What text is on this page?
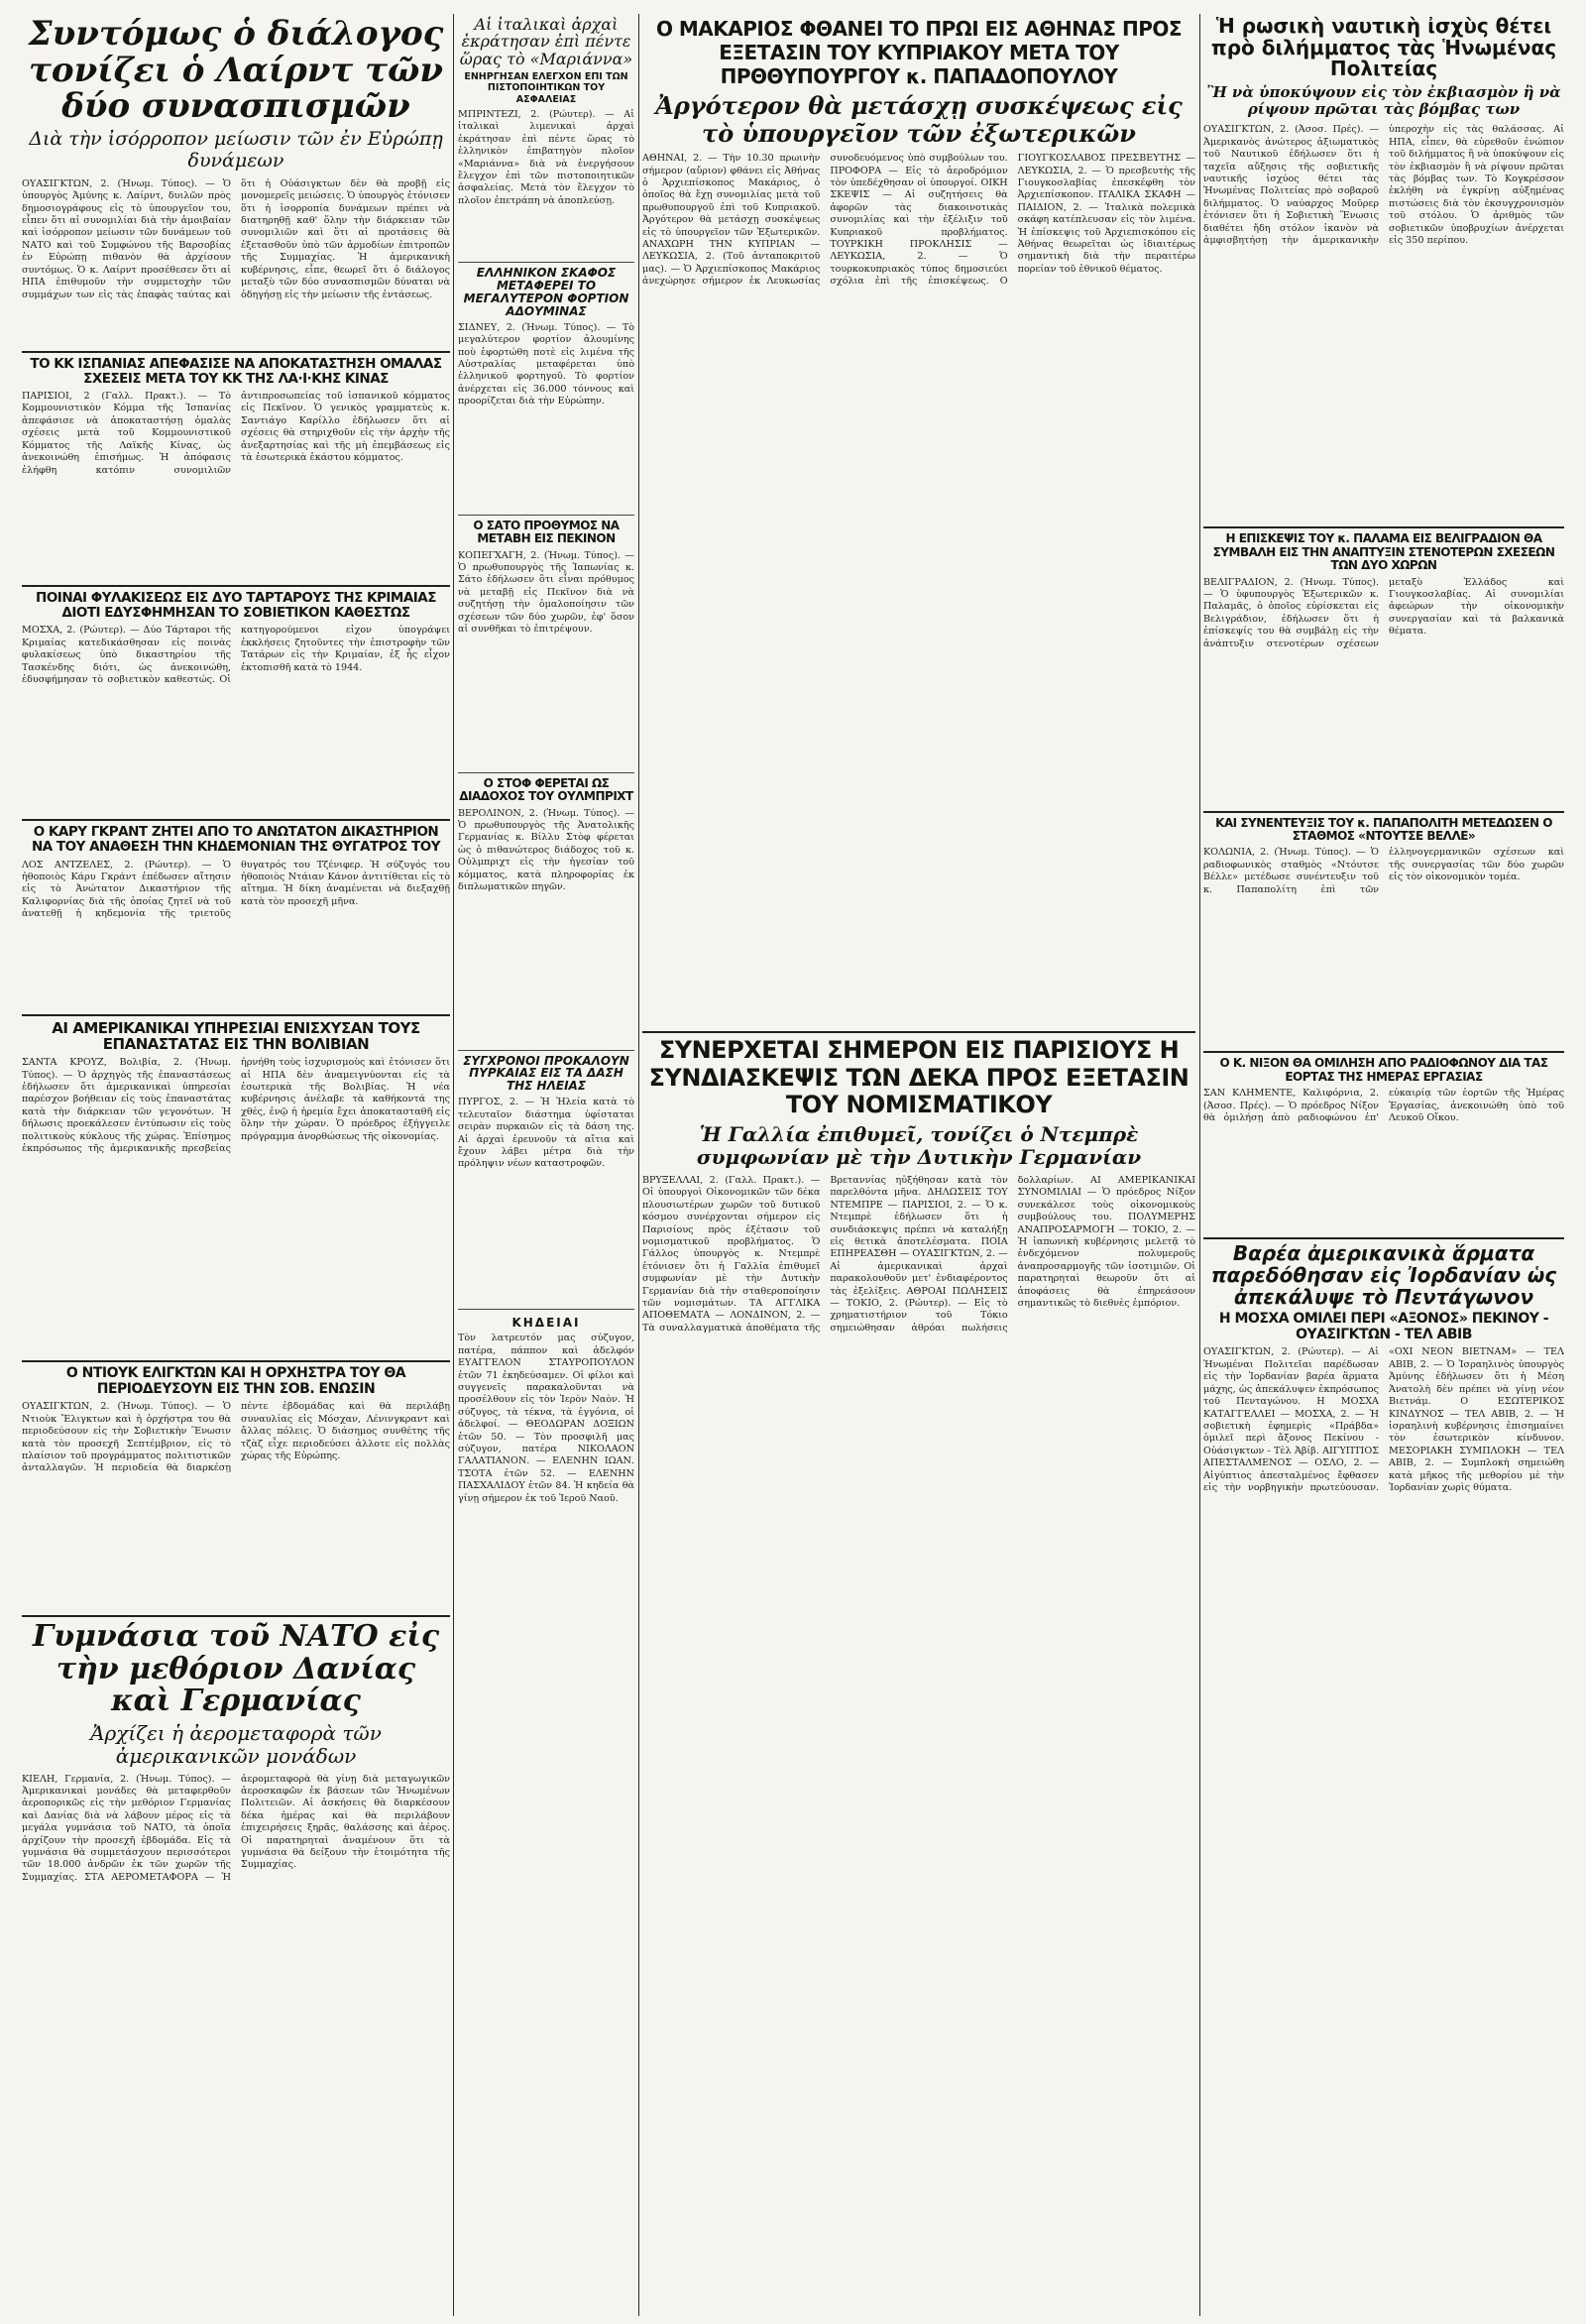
Συντόμως ὁ διάλογος τονίζει ὁ Λαίρντ τῶν δύο συνασπισμῶν
Διὰ τὴν ἰσόρροπον μείωσιν τῶν ἐν Εὐρώπῃ δυνάμεων
ΟΥΑΣΙΓΚΤΩΝ, 2. (Ἡνωμ. Τύπος). — Ὁ ὑπουργὸς Ἀμύνης κ. Λαίρντ, δυιλῶν πρὸς δημοσιογράφους εἰς τὸ ὑπουργεῖον του, εἶπεν ὅτι αἱ συνομιλίαι διὰ τὴν ἀμοιβαίαν καὶ ἰσόρροπον μείωσιν τῶν δυνάμεων τοῦ ΝΑΤΟ καὶ τοῦ Συμφώνου τῆς Βαρσοβίας ἐν Εὐρώπῃ πιθανὸν θὰ ἀρχίσουν συντόμως. Ὁ κ. Λαίρντ προσέθεσεν ὅτι αἱ ΗΠΑ ἐπιθυμοῦν τὴν συμμετοχὴν τῶν συμμάχων των εἰς τὰς ἐπαφὰς ταύτας καὶ ὅτι ἡ Οὐάσιγκτων δὲν θὰ προβῇ εἰς μονομερεῖς μειώσεις. Ὁ ὑπουργὸς ἐτόνισεν ὅτι ἡ ἰσορροπία δυνάμεων πρέπει νὰ διατηρηθῇ καθ' ὅλην τὴν διάρκειαν τῶν συνομιλιῶν καὶ ὅτι αἱ προτάσεις θὰ ἐξετασθοῦν ὑπὸ τῶν ἁρμοδίων ἐπιτροπῶν τῆς Συμμαχίας. Ἡ ἀμερικανικὴ κυβέρνησις, εἶπε, θεωρεῖ ὅτι ὁ διάλογος μεταξὺ τῶν δύο συνασπισμῶν δύναται νὰ ὁδηγήσῃ εἰς τὴν μείωσιν τῆς ἐντάσεως.
ΤΟ ΚΚ ΙΣΠΑΝΙΑΣ ΑΠΕΦΑΣΙΣΕ ΝΑ ΑΠΟΚΑΤΑΣΤΗΣΗ ΟΜΑΛΑΣ ΣΧΕΣΕΙΣ ΜΕΤΑ ΤΟΥ ΚΚ ΤΗΣ ΛΑ·Ι·ΚΗΣ ΚΙΝΑΣ
ΠΑΡΙΣΙΟΙ, 2 (Γαλλ. Πρακτ.). — Τὸ Κομμουνιστικὸν Κόμμα τῆς Ἰσπανίας ἀπεφάσισε νὰ ἀποκαταστήσῃ ὁμαλὰς σχέσεις μετὰ τοῦ Κομμουνιστικοῦ Κόμματος τῆς Λαϊκῆς Κίνας, ὡς ἀνεκοινώθη ἐπισήμως. Ἡ ἀπόφασις ἐλήφθη κατόπιν συνομιλιῶν ἀντιπροσωπείας τοῦ ἰσπανικοῦ κόμματος εἰς Πεκῖνον. Ὁ γενικὸς γραμματεὺς κ. Σαντιάγο Καρίλλο ἐδήλωσεν ὅτι αἱ σχέσεις θὰ στηριχθοῦν εἰς τὴν ἀρχὴν τῆς ἀνεξαρτησίας καὶ τῆς μὴ ἐπεμβάσεως εἰς τὰ ἐσωτερικὰ ἑκάστου κόμματος.
ΠΟΙΝΑΙ ΦΥΛΑΚΙΣΕΩΣ ΕΙΣ ΔΥΟ ΤΑΡΤΑΡΟΥΣ ΤΗΣ ΚΡΙΜΑΙΑΣ ΔΙΟΤΙ ΕΔΥΣΦΗΜΗΣΑΝ ΤΟ ΣΟΒΙΕΤΙΚΟΝ ΚΑΘΕΣΤΩΣ
ΜΟΣΧΑ, 2. (Ρώυτερ). — Δύο Τάρταροι τῆς Κριμαίας κατεδικάσθησαν εἰς ποινὰς φυλακίσεως ὑπὸ δικαστηρίου τῆς Τασκένδης διότι, ὡς ἀνεκοινώθη, ἐδυσφήμησαν τὸ σοβιετικὸν καθεστώς. Οἱ κατηγορούμενοι εἶχον ὑπογράψει ἐκκλήσεις ζητοῦντες τὴν ἐπιστροφὴν τῶν Τατάρων εἰς τὴν Κριμαίαν, ἐξ ἧς εἶχον ἐκτοπισθῆ κατὰ τὸ 1944.
Ο ΚΑΡΥ ΓΚΡΑΝΤ ΖΗΤΕΙ ΑΠΟ ΤΟ ΑΝΩΤΑΤΟΝ ΔΙΚΑΣΤΗΡΙΟΝ ΝΑ ΤΟΥ ΑΝΑΘΕΣΗ ΤΗΝ ΚΗΔΕΜΟΝΙΑΝ ΤΗΣ ΘΥΓΑΤΡΟΣ ΤΟΥ
ΛΟΣ ΑΝΤΖΕΛΕΣ, 2. (Ρώυτερ). — Ὁ ἠθοποιὸς Κάρυ Γκράντ ἐπέδωσεν αἴτησιν εἰς τὸ Ἀνώτατον Δικαστήριον τῆς Καλιφορνίας διὰ τῆς ὁποίας ζητεῖ νὰ τοῦ ἀνατεθῇ ἡ κηδεμονία τῆς τριετοῦς θυγατρός του Τζένιφερ. Ἡ σύζυγός του ἠθοποιὸς Ντάιαν Κάνον ἀντιτίθεται εἰς τὸ αἴτημα. Ἡ δίκη ἀναμένεται νὰ διεξαχθῇ κατὰ τὸν προσεχῆ μῆνα.
ΑΙ ΑΜΕΡΙΚΑΝΙΚΑΙ ΥΠΗΡΕΣΙΑΙ ΕΝΙΣΧΥΣΑΝ ΤΟΥΣ ΕΠΑΝΑΣΤΑΤΑΣ ΕΙΣ ΤΗΝ ΒΟΛΙΒΙΑΝ
ΣΑΝΤΑ ΚΡΟΥΖ, Βολιβία, 2. (Ἡνωμ. Τύπος). — Ὁ ἀρχηγὸς τῆς ἐπαναστάσεως ἐδήλωσεν ὅτι ἀμερικανικαὶ ὑπηρεσίαι παρέσχον βοήθειαν εἰς τοὺς ἐπαναστάτας κατὰ τὴν διάρκειαν τῶν γεγονότων. Ἡ δήλωσις προεκάλεσεν ἐντύπωσιν εἰς τοὺς πολιτικοὺς κύκλους τῆς χώρας. Ἐπίσημος ἐκπρόσωπος τῆς ἀμερικανικῆς πρεσβείας ἠρνήθη τοὺς ἰσχυρισμοὺς καὶ ἐτόνισεν ὅτι αἱ ΗΠΑ δὲν ἀναμειγνύονται εἰς τὰ ἐσωτερικὰ τῆς Βολιβίας. Ἡ νέα κυβέρνησις ἀνέλαβε τὰ καθήκοντά της χθές, ἐνῷ ἡ ἠρεμία ἔχει ἀποκατασταθῆ εἰς ὅλην τὴν χώραν. Ὁ πρόεδρος ἐξήγγειλε πρόγραμμα ἀνορθώσεως τῆς οἰκονομίας.
Ο ΝΤΙΟΥΚ ΕΛΙΓΚΤΩΝ ΚΑΙ Η ΟΡΧΗΣΤΡΑ ΤΟΥ ΘΑ ΠΕΡΙΟΔΕΥΣΟΥΝ ΕΙΣ ΤΗΝ ΣΟΒ. ΕΝΩΣΙΝ
ΟΥΑΣΙΓΚΤΩΝ, 2. (Ἡνωμ. Τύπος). — Ὁ Ντιοὺκ Ἔλιγκτων καὶ ἡ ὀρχήστρα του θὰ περιοδεύσουν εἰς τὴν Σοβιετικὴν Ἕνωσιν κατὰ τὸν προσεχῆ Σεπτέμβριον, εἰς τὸ πλαίσιον τοῦ προγράμματος πολιτιστικῶν ἀνταλλαγῶν. Ἡ περιοδεία θὰ διαρκέσῃ πέντε ἑβδομάδας καὶ θὰ περιλάβῃ συναυλίας εἰς Μόσχαν, Λένινγκραντ καὶ ἄλλας πόλεις. Ὁ διάσημος συνθέτης τῆς τζὰζ εἶχε περιοδεύσει ἀλλοτε εἰς πολλὰς χώρας τῆς Εὐρώπης.
Γυμνάσια τοῦ ΝΑΤΟ εἰς τὴν μεθόριον Δανίας καὶ Γερμανίας
Ἀρχίζει ἡ ἀερομεταφορὰ τῶν ἀμερικανικῶν μονάδων
ΚΙΕΛΗ, Γερμανία, 2. (Ἡνωμ. Τύπος). — Ἀμερικανικαὶ μονάδες θὰ μεταφερθοῦν ἀεροπορικῶς εἰς τὴν μεθόριον Γερμανίας καὶ Δανίας διὰ νὰ λάβουν μέρος εἰς τὰ μεγάλα γυμνάσια τοῦ ΝΑΤΟ, τὰ ὁποῖα ἀρχίζουν τὴν προσεχῆ ἑβδομάδα. Εἰς τὰ γυμνάσια θὰ συμμετάσχουν περισσότεροι τῶν 18.000 ἀνδρῶν ἐκ τῶν χωρῶν τῆς Συμμαχίας. ΣΤΑ ΑΕΡΟΜΕΤΑΦΟΡΑ — Ἡ ἀερομεταφορὰ θὰ γίνῃ διὰ μεταγωγικῶν ἀεροσκαφῶν ἐκ βάσεων τῶν Ἡνωμένων Πολιτειῶν. Αἱ ἀσκήσεις θὰ διαρκέσουν δέκα ἡμέρας καὶ θὰ περιλάβουν ἐπιχειρήσεις ξηρᾶς, θαλάσσης καὶ ἀέρος. Οἱ παρατηρηταὶ ἀναμένουν ὅτι τὰ γυμνάσια θὰ δείξουν τὴν ἑτοιμότητα τῆς Συμμαχίας.
Αἱ ἰταλικαὶ ἀρχαὶ ἐκράτησαν ἐπὶ πέντε ὥρας τὸ «Μαριάννα»
ΕΝΗΡΓΗΣΑΝ ΕΛΕΓΧΟΝ ΕΠΙ ΤΩΝ ΠΙΣΤΟΠΟΙΗΤΙΚΩΝ ΤΟΥ ΑΣΦΑΛΕΙΑΣ
ΜΠΡΙΝΤΕΖΙ, 2. (Ρώυτερ). — Αἱ ἰταλικαὶ λιμενικαὶ ἀρχαὶ ἐκράτησαν ἐπὶ πέντε ὥρας τὸ ἑλληνικὸν ἐπιβατηγὸν πλοῖον «Μαριάννα» διὰ νὰ ἐνεργήσουν ἔλεγχον ἐπὶ τῶν πιστοποιητικῶν ἀσφαλείας. Μετὰ τὸν ἔλεγχον τὸ πλοῖον ἐπετράπη νὰ ἀποπλεύσῃ.
ΕΛΛΗΝΙΚΟΝ ΣΚΑΦΟΣ ΜΕΤΑΦΕΡΕΙ ΤΟ ΜΕΓΑΛΥΤΕΡΟΝ ΦΟΡΤΙΟΝ ΑΔΟΥΜΙΝΑΣ
ΣΙΔΝΕΥ, 2. (Ἡνωμ. Τύπος). — Τὸ μεγαλύτερον φορτίον ἀλουμίνης ποὺ ἐφορτώθη ποτὲ εἰς λιμένα τῆς Αὐστραλίας μεταφέρεται ὑπὸ ἑλληνικοῦ φορτηγοῦ. Τὸ φορτίον ἀνέρχεται εἰς 36.000 τόννους καὶ προορίζεται διὰ τὴν Εὐρώπην.
Ο ΣΑΤΟ ΠΡΟΘΥΜΟΣ ΝΑ ΜΕΤΑΒΗ ΕΙΣ ΠΕΚΙΝΟΝ
ΚΟΠΕΓΧΑΓΗ, 2. (Ἡνωμ. Τύπος). — Ὁ πρωθυπουργὸς τῆς Ἰαπωνίας κ. Σάτο ἐδήλωσεν ὅτι εἶναι πρόθυμος νὰ μεταβῇ εἰς Πεκῖνον διὰ νὰ συζητήσῃ τὴν ὁμαλοποίησιν τῶν σχέσεων τῶν δύο χωρῶν, ἐφ' ὅσον αἱ συνθῆκαι τὸ ἐπιτρέψουν.
Ο ΣΤΟΦ ΦΕΡΕΤΑΙ ΩΣ ΔΙΑΔΟΧΟΣ ΤΟΥ ΟΥΛΜΠΡΙΧΤ
ΒΕΡΟΛΙΝΟΝ, 2. (Ἡνωμ. Τύπος). — Ὁ πρωθυπουργὸς τῆς Ἀνατολικῆς Γερμανίας κ. Βίλλυ Στὸφ φέρεται ὡς ὁ πιθανώτερος διάδοχος τοῦ κ. Οὐλμπριχτ εἰς τὴν ἡγεσίαν τοῦ κόμματος, κατὰ πληροφορίας ἐκ διπλωματικῶν πηγῶν.
ΣΥΓΧΡΟΝΟΙ ΠΡΟΚΑΛΟΥΝ ΠΥΡΚΑΙΑΣ ΕΙΣ ΤΑ ΔΑΣΗ ΤΗΣ ΗΛΕΙΑΣ
ΠΥΡΓΟΣ, 2. — Ἡ Ἠλεία κατὰ τὸ τελευταῖον διάστημα ὑφίσταται σειρὰν πυρκαιῶν εἰς τὰ δάση της. Αἱ ἀρχαὶ ἐρευνοῦν τὰ αἴτια καὶ ἔχουν λάβει μέτρα διὰ τὴν πρόληψιν νέων καταστροφῶν.
ΚΗΔΕΙΑΙ
Τὸν λατρευτόν μας σύζυγον, πατέρα, πάππον καὶ ἀδελφόν ΕΥΑΓΓΕΛΟΝ ΣΤΑΥΡΟΠΟΥΛΟΝ ἐτῶν 71 ἐκηδεύσαμεν. Οἱ φίλοι καὶ συγγενεῖς παρακαλοῦνται νὰ προσέλθουν εἰς τὸν Ἱερὸν Ναὸν. Ἡ σύζυγος, τὰ τέκνα, τὰ ἐγγόνια, οἱ ἀδελφοί. — ΘΕΟΔΩΡΑΝ ΔΟΞΙΩΝ ἐτῶν 50. — Τὸν προσφιλῆ μας σύζυγον, πατέρα ΝΙΚΟΛΑΟΝ ΓΑΛΑΤΙΑΝΟΝ. — ΕΛΕΝΗΝ ΙΩΑΝ. ΤΣΟΤΑ ἐτῶν 52. — ΕΛΕΝΗΝ ΠΑΣΧΑΛΙΔΟΥ ἐτῶν 84. Ἡ κηδεία θὰ γίνῃ σήμερον ἐκ τοῦ Ἱεροῦ Ναοῦ.
Ο ΜΑΚΑΡΙΟΣ ΦΘΑΝΕΙ ΤΟ ΠΡΩΙ ΕΙΣ ΑΘΗΝΑΣ ΠΡΟΣ ΕΞΕΤΑΣΙΝ ΤΟΥ ΚΥΠΡΙΑΚΟΥ ΜΕΤΑ ΤΟΥ ΠΡΘΘΥΠΟΥΡΓΟΥ κ. ΠΑΠΑΔΟΠΟΥΛΟΥ
Ἀργότερον θὰ μετάσχῃ συσκέψεως εἰς τὸ ὑπουργεῖον τῶν ἐξωτερικῶν
ΑΘΗΝΑΙ, 2. — Τὴν 10.30 πρωινὴν σήμερον (αὔριον) φθάνει εἰς Ἀθήνας ὁ Ἀρχιεπίσκοπος Μακάριος, ὁ ὁποῖος θὰ ἔχῃ συνομιλίας μετὰ τοῦ πρωθυπουργοῦ ἐπὶ τοῦ Κυπριακοῦ. Ἀργότερον θὰ μετάσχῃ συσκέψεως εἰς τὸ ὑπουργεῖον τῶν Ἐξωτερικῶν. ΑΝΑΧΩΡΗ ΤΗΝ ΚΥΠΡΙΑΝ — ΛΕΥΚΩΣΙΑ, 2. (Τοῦ ἀνταποκριτοῦ μας). — Ὁ Ἀρχιεπίσκοπος Μακάριος ἀνεχώρησε σήμερον ἐκ Λευκωσίας συνοδευόμενος ὑπὸ συμβούλων του. ΠΡΟΦΟΡΑ — Εἰς τὸ ἀεροδρόμιον τὸν ὑπεδέχθησαν οἱ ὑπουργοί. ΟΙΚΗ ΣΚΕΨΙΣ — Αἱ συζητήσεις θὰ ἀφορῶν τὰς διακοινοτικὰς συνομιλίας καὶ τὴν ἐξέλιξιν τοῦ Κυπριακοῦ προβλήματος. ΤΟΥΡΚΙΚΗ ΠΡΟΚΛΗΣΙΣ — ΛΕΥΚΩΣΙΑ, 2. — Ὁ τουρκοκυπριακὸς τύπος δημοσιεύει σχόλια ἐπὶ τῆς ἐπισκέψεως. Ο ΓΙΟΥΓΚΟΣΛΑΒΟΣ ΠΡΕΣΒΕΥΤΗΣ — ΛΕΥΚΩΣΙΑ, 2. — Ὁ πρεσβευτὴς τῆς Γιουγκοσλαβίας ἐπεσκέφθη τὸν Ἀρχιεπίσκοπον. ΙΤΑΛΙΚΑ ΣΚΑΦΗ — ΠΑΙΔΙΟΝ, 2. — Ἰταλικὰ πολεμικὰ σκάφη κατέπλευσαν εἰς τὸν λιμένα. Ἡ ἐπίσκεψις τοῦ Ἀρχιεπισκόπου εἰς Ἀθήνας θεωρεῖται ὡς ἰδιαιτέρως σημαντικὴ διὰ τὴν περαιτέρω πορείαν τοῦ ἐθνικοῦ θέματος.
ΣΥΝΕΡΧΕΤΑΙ ΣΗΜΕΡΟΝ ΕΙΣ ΠΑΡΙΣΙΟΥΣ Η ΣΥΝΔΙΑΣΚΕΨΙΣ ΤΩΝ ΔΕΚΑ ΠΡΟΣ ΕΞΕΤΑΣΙΝ ΤΟΥ ΝΟΜΙΣΜΑΤΙΚΟΥ
Ἡ Γαλλία ἐπιθυμεῖ, τονίζει ὁ Ντεμπρὲ συμφωνίαν μὲ τὴν Δυτικὴν Γερμανίαν
ΒΡΥΞΕΛΛΑΙ, 2. (Γαλλ. Πρακτ.). — Οἱ ὑπουργοὶ Οἰκονομικῶν τῶν δέκα πλουσιωτέρων χωρῶν τοῦ δυτικοῦ κόσμου συνέρχονται σήμερον εἰς Παρισίους πρὸς ἐξέτασιν τοῦ νομισματικοῦ προβλήματος. Ὁ Γάλλος ὑπουργὸς κ. Ντεμπρὲ ἐτόνισεν ὅτι ἡ Γαλλία ἐπιθυμεῖ συμφωνίαν μὲ τὴν Δυτικὴν Γερμανίαν διὰ τὴν σταθεροποίησιν τῶν νομισμάτων. ΤΑ ΑΓΓΛΙΚΑ ΑΠΟΘΕΜΑΤΑ — ΛΟΝΔΙΝΟΝ, 2. — Τὰ συναλλαγματικὰ ἀποθέματα τῆς Βρεταννίας ηὐξήθησαν κατὰ τὸν παρελθόντα μῆνα. ΔΗΛΩΣΕΙΣ ΤΟΥ ΝΤΕΜΠΡΕ — ΠΑΡΙΣΙΟΙ, 2. — Ὁ κ. Ντεμπρὲ ἐδήλωσεν ὅτι ἡ συνδιάσκεψις πρέπει νὰ καταλήξῃ εἰς θετικὰ ἀποτελέσματα. ΠΟΙΑ ΕΠΗΡΕΑΣΘΗ — ΟΥΑΣΙΓΚΤΩΝ, 2. — Αἱ ἀμερικανικαὶ ἀρχαὶ παρακολουθοῦν μετ' ἐνδιαφέροντος τὰς ἐξελίξεις. ΑΘΡΟΑΙ ΠΩΛΗΣΕΙΣ — ΤΟΚΙΟ, 2. (Ρώυτερ). — Εἰς τὸ χρηματιστήριον τοῦ Τόκιο σημειώθησαν ἀθρόαι πωλήσεις δολλαρίων. ΑΙ ΑΜΕΡΙΚΑΝΙΚΑΙ ΣΥΝΟΜΙΛΙΑΙ — Ὁ πρόεδρος Νίξον συνεκάλεσε τοὺς οἰκονομικοὺς συμβούλους του. ΠΟΛΥΜΕΡΗΣ ΑΝΑΠΡΟΣΑΡΜΟΓΗ — ΤΟΚΙΟ, 2. — Ἡ ἰαπωνικὴ κυβέρνησις μελετᾷ τὸ ἐνδεχόμενον πολυμεροῦς ἀναπροσαρμογῆς τῶν ἰσοτιμιῶν. Οἱ παρατηρηταὶ θεωροῦν ὅτι αἱ ἀποφάσεις θὰ ἐπηρεάσουν σημαντικῶς τὸ διεθνὲς ἐμπόριον.
Ἡ ρωσικὴ ναυτικὴ ἰσχὺς θέτει πρὸ διλήμματος τὰς Ἡνωμένας Πολιτείας
Ἢ νὰ ὑποκύψουν εἰς τὸν ἐκβιασμὸν ἢ νὰ ρίψουν πρῶται τὰς βόμβας των
ΟΥΑΣΙΓΚΤΩΝ, 2. (Ἀσοσ. Πρές). — Ἀμερικανὸς ἀνώτερος ἀξιωματικὸς τοῦ Ναυτικοῦ ἐδήλωσεν ὅτι ἡ ταχεῖα αὔξησις τῆς σοβιετικῆς ναυτικῆς ἰσχύος θέτει τὰς Ἡνωμένας Πολιτείας πρὸ σοβαροῦ διλήμματος. Ὁ ναύαρχος Μοῦρερ ἐτόνισεν ὅτι ἡ Σοβιετικὴ Ἕνωσις διαθέτει ἤδη στόλον ἱκανὸν νὰ ἀμφισβητήσῃ τὴν ἀμερικανικὴν ὑπεροχὴν εἰς τὰς θαλάσσας. Αἱ ΗΠΑ, εἶπεν, θὰ εὑρεθοῦν ἐνώπιον τοῦ διλήμματος ἢ νὰ ὑποκύψουν εἰς τὸν ἐκβιασμὸν ἢ νὰ ρίψουν πρῶται τὰς βόμβας των. Τὸ Κογκρέσσον ἐκλήθη νὰ ἐγκρίνῃ αὐξημένας πιστώσεις διὰ τὸν ἐκσυγχρονισμὸν τοῦ στόλου. Ὁ ἀριθμὸς τῶν σοβιετικῶν ὑποβρυχίων ἀνέρχεται εἰς 350 περίπου.
Η ΕΠΙΣΚΕΨΙΣ ΤΟΥ κ. ΠΑΛΑΜΑ ΕΙΣ ΒΕΛΙΓΡΑΔΙΟΝ ΘΑ ΣΥΜΒΑΛΗ ΕΙΣ ΤΗΝ ΑΝΑΠΤΥΞΙΝ ΣΤΕΝΟΤΕΡΩΝ ΣΧΕΣΕΩΝ ΤΩΝ ΔΥΟ ΧΩΡΩΝ
ΒΕΛΙΓΡΑΔΙΟΝ, 2. (Ἡνωμ. Τύπος). — Ὁ ὑφυπουργὸς Ἐξωτερικῶν κ. Παλαμᾶς, ὁ ὁποῖος εὑρίσκεται εἰς Βελιγράδιον, ἐδήλωσεν ὅτι ἡ ἐπίσκεψίς του θὰ συμβάλῃ εἰς τὴν ἀνάπτυξιν στενοτέρων σχέσεων μεταξὺ Ἑλλάδος καὶ Γιουγκοσλαβίας. Αἱ συνομιλίαι ἀφεώρων τὴν οἰκονομικὴν συνεργασίαν καὶ τὰ βαλκανικὰ θέματα.
ΚΑΙ ΣΥΝΕΝΤΕΥΞΙΣ ΤΟΥ κ. ΠΑΠΑΠΟΛΙΤΗ ΜΕΤΕΔΩΣΕΝ Ο ΣΤΑΘΜΟΣ «ΝΤΟΥΤΣΕ ΒΕΛΛΕ»
ΚΟΛΩΝΙΑ, 2. (Ἡνωμ. Τύπος). — Ὁ ραδιοφωνικὸς σταθμὸς «Ντόυτσε Βέλλε» μετέδωσε συνέντευξιν τοῦ κ. Παπαπολίτη ἐπὶ τῶν ἑλληνογερμανικῶν σχέσεων καὶ τῆς συνεργασίας τῶν δύο χωρῶν εἰς τὸν οἰκονομικὸν τομέα.
Ο Κ. ΝΙΞΟΝ ΘΑ ΟΜΙΛΗΣΗ ΑΠΟ ΡΑΔΙΟΦΩΝΟΥ ΔΙΑ ΤΑΣ ΕΟΡΤΑΣ ΤΗΣ ΗΜΕΡΑΣ ΕΡΓΑΣΙΑΣ
ΣΑΝ ΚΛΗΜΕΝΤΕ, Καλιφόρνια, 2. (Ἀσοσ. Πρές). — Ὁ πρόεδρος Νίξον θὰ ὁμιλήσῃ ἀπὸ ραδιοφώνου ἐπ' εὐκαιρίᾳ τῶν ἑορτῶν τῆς Ἡμέρας Ἐργασίας, ἀνεκοινώθη ὑπὸ τοῦ Λευκοῦ Οἴκου.
Βαρέα ἀμερικανικὰ ἅρματα παρεδόθησαν εἰς Ἰορδανίαν ὡς ἀπεκάλυψε τὸ Πεντάγωνον
Η ΜΟΣΧΑ ΟΜΙΛΕΙ ΠΕΡΙ «ΑΞΟΝΟΣ» ΠΕΚΙΝΟΥ - ΟΥΑΣΙΓΚΤΩΝ - ΤΕΛ ΑΒΙΒ
ΟΥΑΣΙΓΚΤΩΝ, 2. (Ρώυτερ). — Αἱ Ἡνωμέναι Πολιτεῖαι παρέδωσαν εἰς τὴν Ἰορδανίαν βαρέα ἅρματα μάχης, ὡς ἀπεκάλυψεν ἐκπρόσωπος τοῦ Πενταγώνου. Η ΜΟΣΧΑ ΚΑΤΑΓΓΕΛΛΕΙ — ΜΟΣΧΑ, 2. — Ἡ σοβιετικὴ ἐφημερὶς «Πράβδα» ὁμιλεῖ περὶ ἄξονος Πεκίνου - Οὐάσιγκτων - Τὲλ Ἀβίβ. ΑΙΓΥΠΤΙΟΣ ΑΠΕΣΤΑΛΜΕΝΟΣ — ΟΣΛΟ, 2. — Αἰγύπτιος ἀπεσταλμένος ἔφθασεν εἰς τὴν νορβηγικὴν πρωτεύουσαν. «ΟΧΙ ΝΕΟΝ ΒΙΕΤΝΑΜ» — ΤΕΛ ΑΒΙΒ, 2. — Ὁ Ἰσραηλινὸς ὑπουργὸς Ἀμύνης ἐδήλωσεν ὅτι ἡ Μέση Ἀνατολὴ δὲν πρέπει νὰ γίνῃ νέον Βιετνάμ. Ο ΕΣΩΤΕΡΙΚΟΣ ΚΙΝΔΥΝΟΣ — ΤΕΛ ΑΒΙΒ, 2. — Ἡ ἰσραηλινὴ κυβέρνησις ἐπισημαίνει τὸν ἐσωτερικὸν κίνδυνον. ΜΕΣΟΡΙΑΚΗ ΣΥΜΠΛΟΚΗ — ΤΕΛ ΑΒΙΒ, 2. — Συμπλοκὴ σημειώθη κατὰ μῆκος τῆς μεθορίου μὲ τὴν Ἰορδανίαν χωρὶς θύματα.
